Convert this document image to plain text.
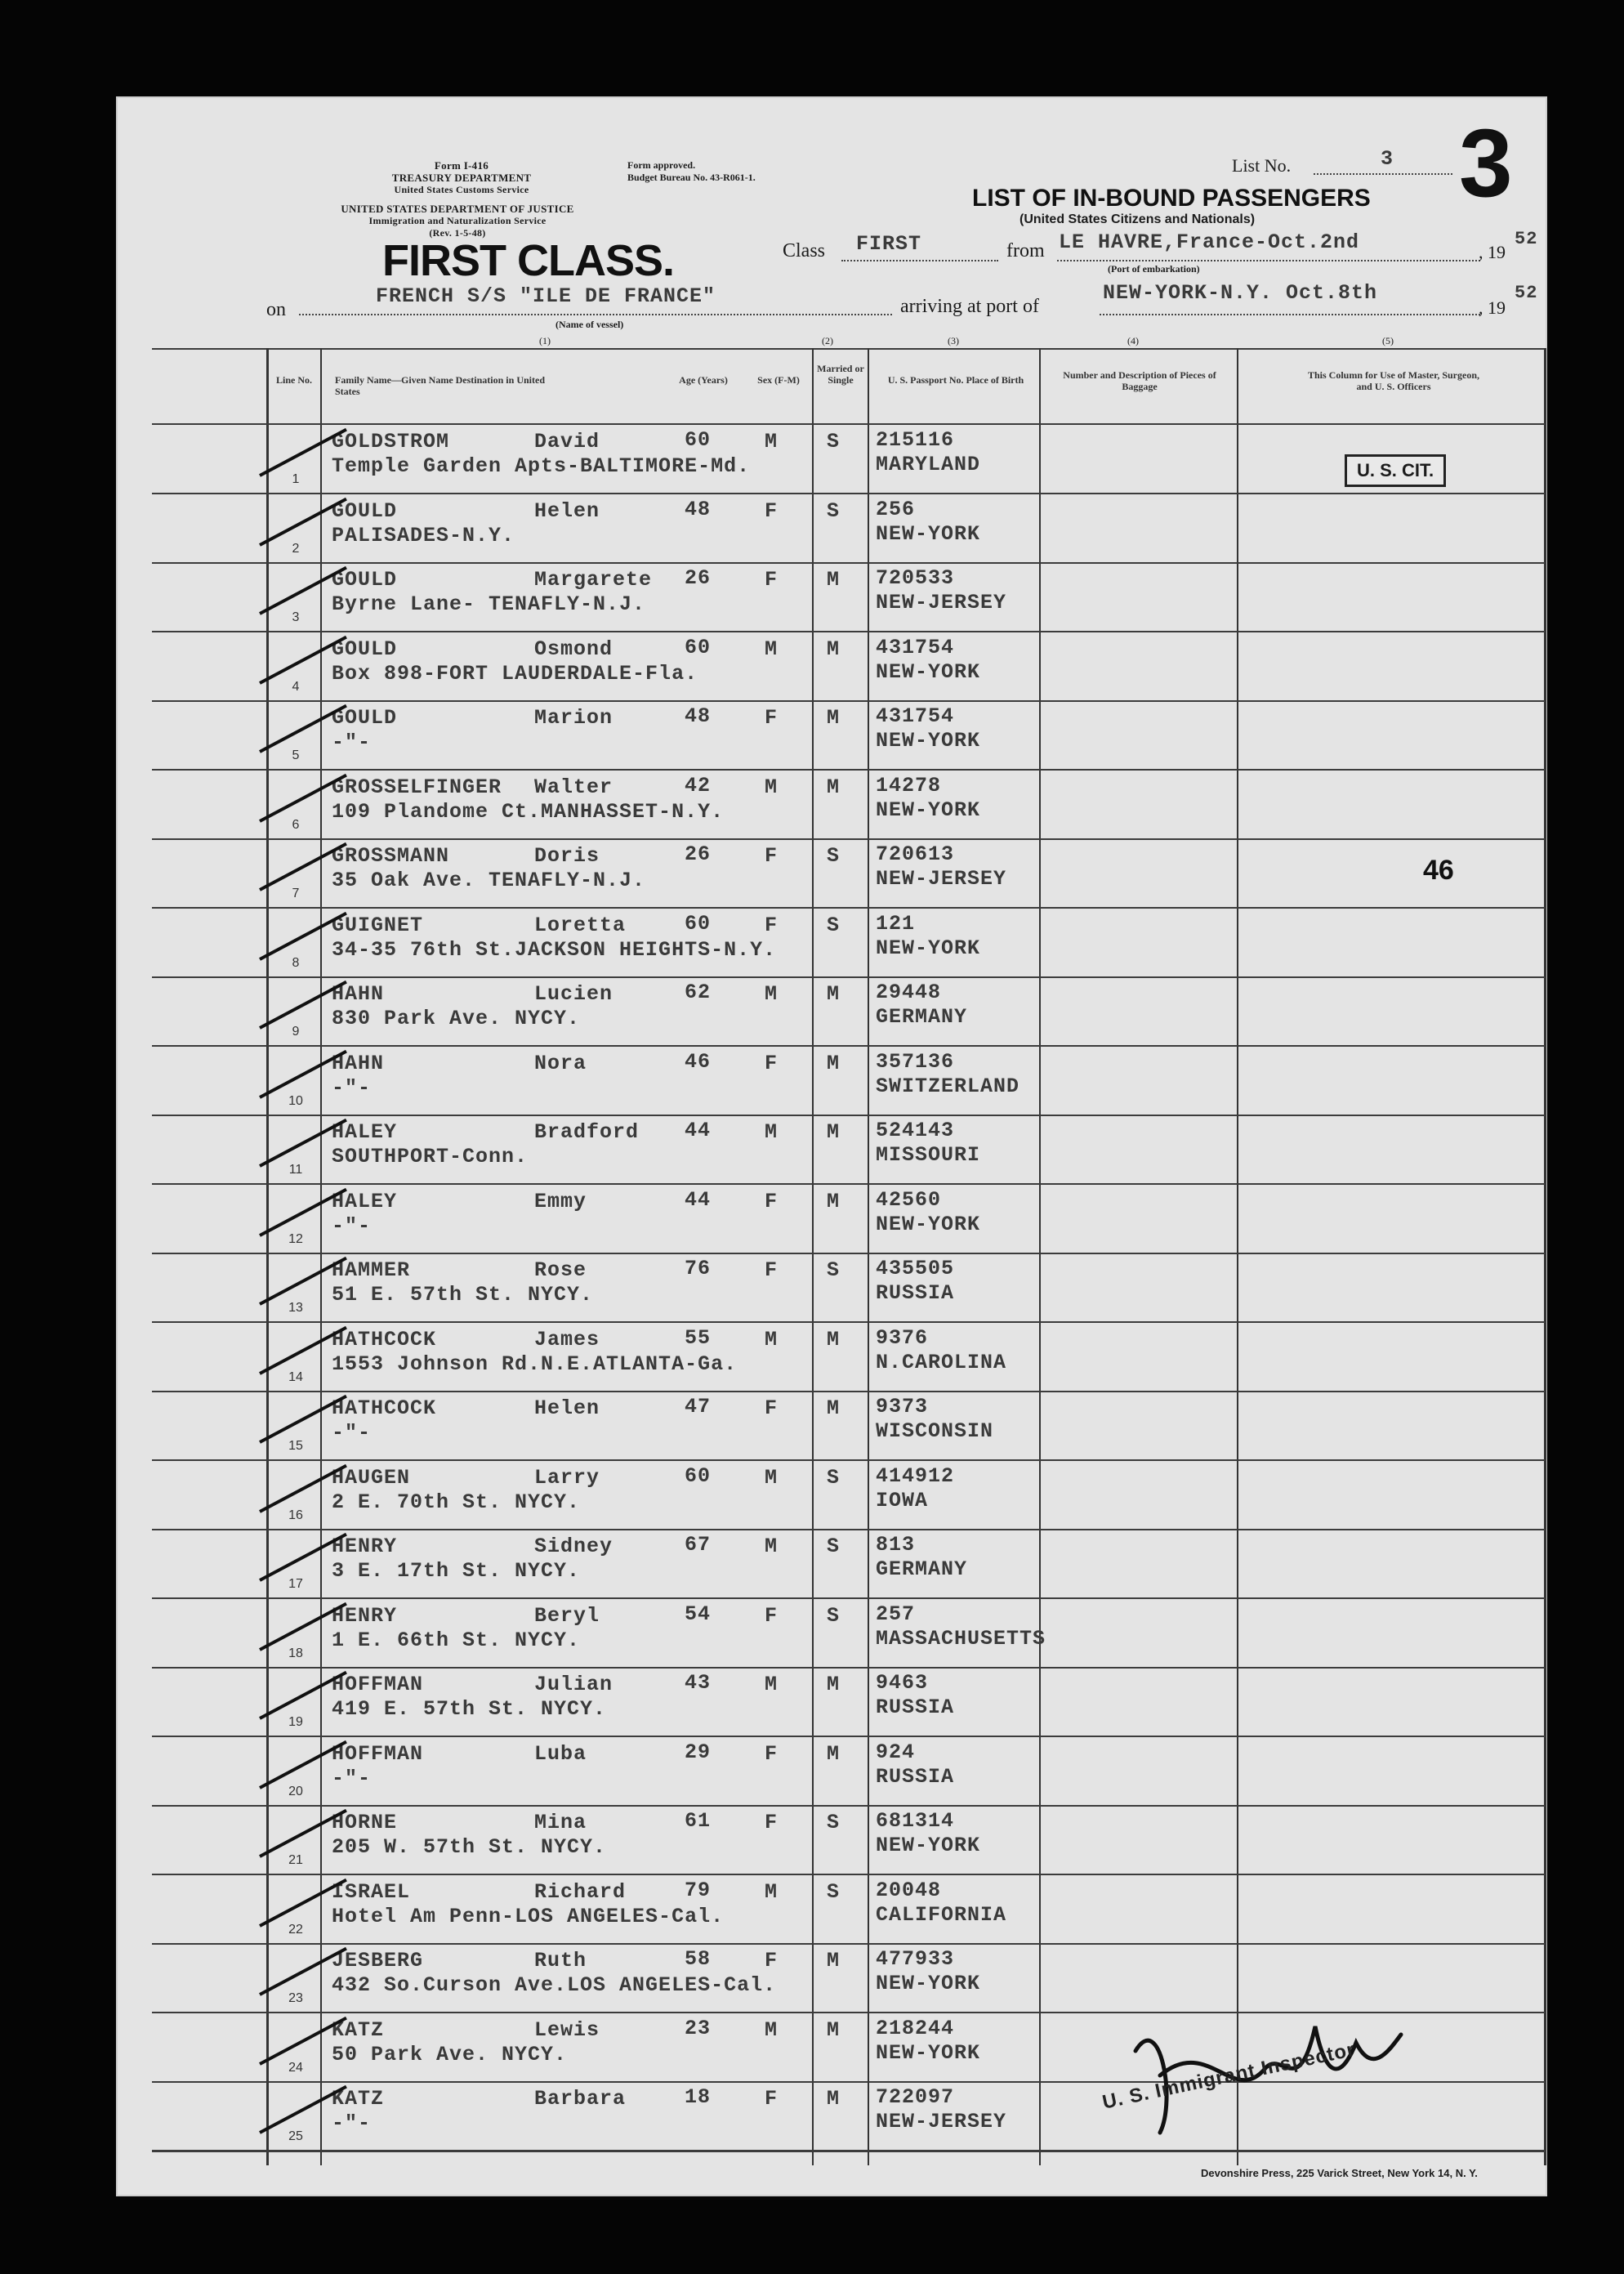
Form I-416
TREASURY DEPARTMENT
United States Customs Service
Form approved.
Budget Bureau No. 43-R061-1.
UNITED STATES DEPARTMENT OF JUSTICE
Immigration and Naturalization Service
(Rev. 1-5-48)
FIRST CLASS.
List No.	3 3
LIST OF IN-BOUND PASSENGERS
(United States Citizens and Nationals)
Class FIRST	from LE HAVRE,France-Oct.2nd	, 19
52
(Port of embarkation)
on
FRENCH S/S "ILE DE FRANCE"
(Name of vessel)
arriving at port of
NEW-YORK-N.Y. Oct.8th
, 19
52
(1)	(2)	(3)	(4)	(5)
Line No.	Family Name—Given Name Destination in United States
Age (Years)	Sex (F-M)
Married or Single	U. S. Passport No. Place of Birth	Number and Description of Pieces of Baggage
This Column for Use of Master, Surgeon, and U. S. Officers
1
GOLDSTROM	David
Temple Garden Apts-BALTIMORE-Md.
60	M S 215116
MARYLAND
2
GOULD	Helen
PALISADES-N.Y.
48	F S 256
NEW-YORK
3
GOULD	Margarete
Byrne Lane- TENAFLY-N.J.
26	F M 720533
NEW-JERSEY
4
GOULD	Osmond
Box 898-FORT LAUDERDALE-Fla.
60	M M 431754
NEW-YORK
5
GOULD	Marion
-"-
48	F M 431754
NEW-YORK
6
GROSSELFINGER Walter
109 Plandome Ct.MANHASSET-N.Y.
42	M M 14278
NEW-YORK
7
GROSSMANN	Doris
35 Oak Ave. TENAFLY-N.J.
26	F S 720613
NEW-JERSEY
8
GUIGNET	Loretta
34-35 76th St.JACKSON HEIGHTS-N.Y.
60	F S 121
NEW-YORK
9
HAHN	Lucien
830 Park Ave. NYCY.
62	M M 29448
GERMANY
10
HAHN	Nora
-"-
46	F M 357136
SWITZERLAND
11
HALEY	Bradford
SOUTHPORT-Conn.
44	M M 524143
MISSOURI
12
HALEY	Emmy
-"-
44	F M 42560
NEW-YORK
13
HAMMER	Rose
51 E. 57th St. NYCY.
76	F S 435505
RUSSIA
14
HATHCOCK	James
1553 Johnson Rd.N.E.ATLANTA-Ga.
55	M M 9376
N.CAROLINA
15
HATHCOCK	Helen
-"-
47	F M 9373
WISCONSIN
16
HAUGEN	Larry
2 E. 70th St. NYCY.
60	M S 414912
IOWA
17
HENRY	Sidney
3 E. 17th St. NYCY.
67	M S 813
GERMANY
18
HENRY	Beryl
1 E. 66th St. NYCY.
54	F S 257
MASSACHUSETTS
19
HOFFMAN	Julian
419 E. 57th St. NYCY.
43	M M 9463
RUSSIA
20
HOFFMAN	Luba
-"-
29	F M 924
RUSSIA
21
HORNE	Mina
205 W. 57th St. NYCY.
61	F S 681314
NEW-YORK
22
ISRAEL	Richard
Hotel Am Penn-LOS ANGELES-Cal.
79	M S 20048
CALIFORNIA
23
JESBERG	Ruth
432 So.Curson Ave.LOS ANGELES-Cal.
58	F M 477933
NEW-YORK
24
KATZ	Lewis
50 Park Ave. NYCY.
23	M M 218244
NEW-YORK
25
KATZ	Barbara
-"-
18	F M 722097
NEW-JERSEY
U. S. CIT.
46
U. S. Immigrant Inspector
Devonshire Press, 225 Varick Street, New York 14, N. Y.
